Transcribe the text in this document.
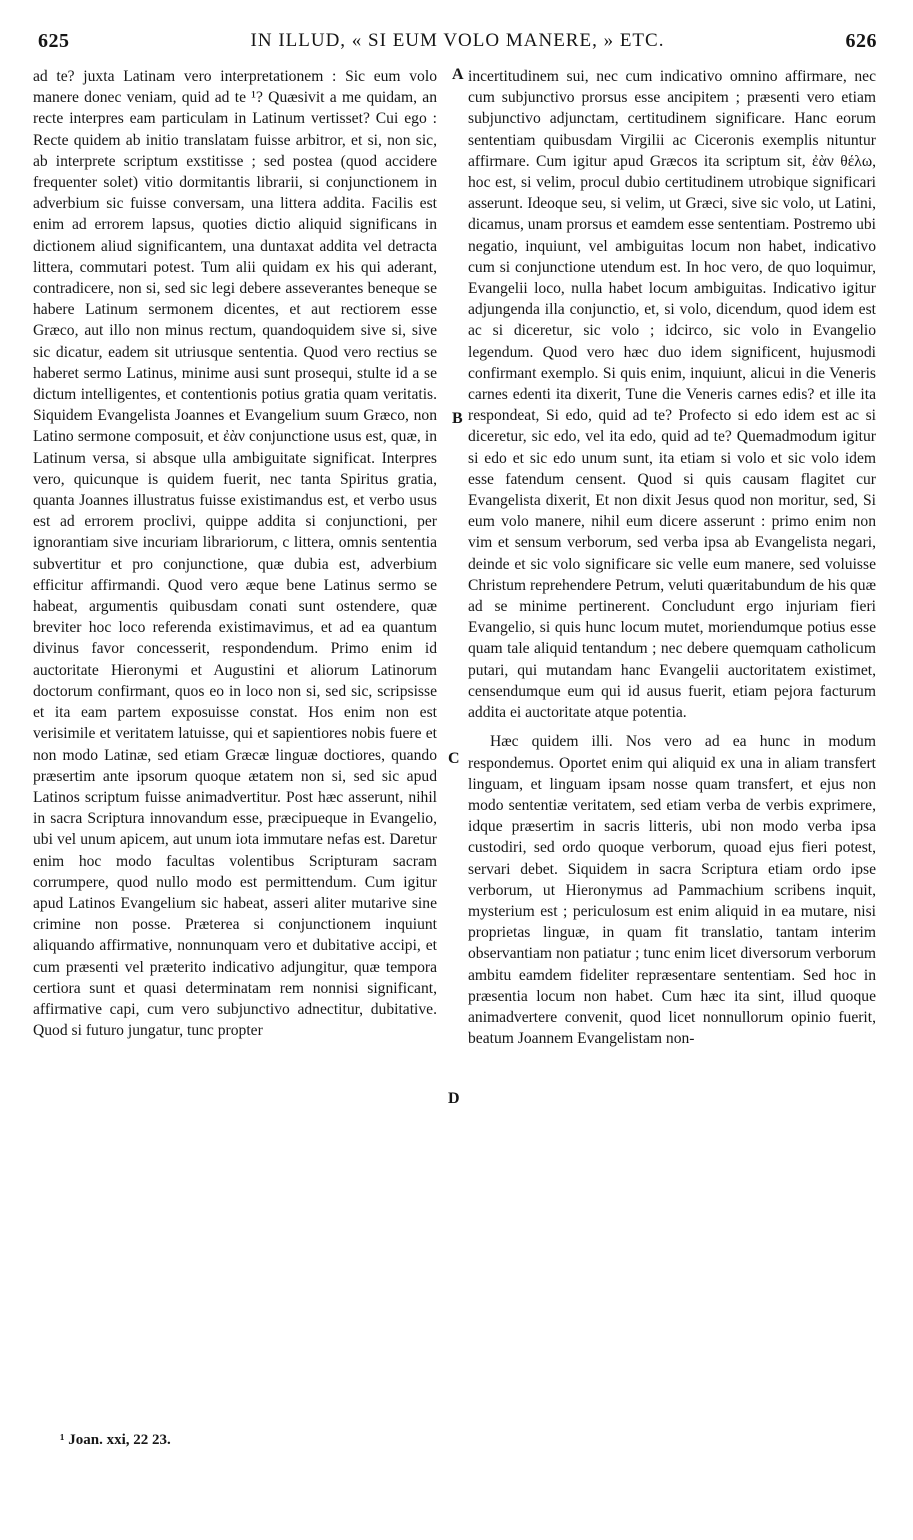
625	IN ILLUD, « SI EUM VOLO MANERE, » ETC.	626

ad te? juxta Latinam vero interpretationem : Sic eum volo manere donec veniam, quid ad te ¹? Quæsivit a me quidam, an recte interpres eam particulam in Latinum vertisset? Cui ego : Recte quidem ab initio translatam fuisse arbitror, et si, non sic, ab interprete scriptum exstitisse ; sed postea (quod accidere frequenter solet) vitio dormitantis librarii, si conjunctionem in adverbium sic fuisse conversam, una littera addita. Facilis est enim ad errorem lapsus, quoties dictio aliquid significans in dictionem aliud significantem, una duntaxat addita vel detracta littera, commutari potest. Tum alii quidam ex his qui aderant, contradicere, non si, sed sic legi debere asseverantes beneque se habere Latinum sermonem dicentes, et aut rectiorem esse Græco, aut illo non minus rectum, quandoquidem sive si, sive sic dicatur, eadem sit utriusque sententia. Quod vero rectius se haberet sermo Latinus, minime ausi sunt prosequi, stulte id a se dictum intelligentes, et contentionis potius gratia quam veritatis. Siquidem Evangelista Joannes et Evangelium suum Græco, non Latino sermone composuit, et ἐὰν conjunctione usus est, quæ, in Latinum versa, si absque ulla ambiguitate significat. Interpres vero, quicunque is quidem fuerit, nec tanta Spiritus gratia, quanta Joannes illustratus fuisse existimandus est, et verbo usus est ad errorem proclivi, quippe addita si conjunctioni, per ignorantiam sive incuriam librariorum, c littera, omnis sententia subvertitur et pro conjunctione, quæ dubia est, adverbium efficitur affirmandi. Quod vero æque bene Latinus sermo se habeat, argumentis quibusdam conati sunt ostendere, quæ breviter hoc loco referenda existimavimus, et ad ea quantum divinus favor concesserit, respondendum. Primo enim id auctoritate Hieronymi et Augustini et aliorum Latinorum doctorum confirmant, quos eo in loco non si, sed sic, scripsisse et ita eam partem exposuisse constat. Hos enim non est verisimile et veritatem latuisse, qui et sapientiores nobis fuere et non modo Latinæ, sed etiam Græcæ linguæ doctiores, quando præsertim ante ipsorum quoque ætatem non si, sed sic apud Latinos scriptum fuisse animadvertitur. Post hæc asserunt, nihil in sacra Scriptura innovandum esse, præcipueque in Evangelio, ubi vel unum apicem, aut unum iota immutare nefas est. Daretur enim hoc modo facultas volentibus Scripturam sacram corrumpere, quod nullo modo est permittendum. Cum igitur apud Latinos Evangelium sic habeat, asseri aliter mutarive sine crimine non posse. Præterea si conjunctionem inquiunt aliquando affirmative, nonnunquam vero et dubitative accipi, et cum præsenti vel præterito indicativo adjungitur, quæ tempora certiora sunt et quasi determinatam rem nonnisi significant, affirmative capi, cum vero subjunctivo adnectitur, dubitative. Quod si futuro jungatur, tunc propter

A
B
C
D

incertitudinem sui, nec cum indicativo omnino affirmare, nec cum subjunctivo prorsus esse ancipitem ; præsenti vero etiam subjunctivo adjunctam, certitudinem significare. Hanc eorum sententiam quibusdam Virgilii ac Ciceronis exemplis nituntur affirmare. Cum igitur apud Græcos ita scriptum sit, ἐὰν θέλω, hoc est, si velim, procul dubio certitudinem utrobique significari asserunt. Ideoque seu, si velim, ut Græci, sive sic volo, ut Latini, dicamus, unam prorsus et eamdem esse sententiam. Postremo ubi negatio, inquiunt, vel ambiguitas locum non habet, indicativo cum si conjunctione utendum est. In hoc vero, de quo loquimur, Evangelii loco, nulla habet locum ambiguitas. Indicativo igitur adjungenda illa conjunctio, et, si volo, dicendum, quod idem est ac si diceretur, sic volo ; idcirco, sic volo in Evangelio legendum. Quod vero hæc duo idem significent, hujusmodi confirmant exemplo. Si quis enim, inquiunt, alicui in die Veneris carnes edenti ita dixerit, Tune die Veneris carnes edis? et ille ita respondeat, Si edo, quid ad te? Profecto si edo idem est ac si diceretur, sic edo, vel ita edo, quid ad te? Quemadmodum igitur si edo et sic edo unum sunt, ita etiam si volo et sic volo idem esse fatendum censent. Quod si quis causam flagitet cur Evangelista dixerit, Et non dixit Jesus quod non moritur, sed, Si eum volo manere, nihil eum dicere asserunt : primo enim non vim et sensum verborum, sed verba ipsa ab Evangelista negari, deinde et sic volo significare sic velle eum manere, sed voluisse Christum reprehendere Petrum, veluti quæritabundum de his quæ ad se minime pertinerent. Concludunt ergo injuriam fieri Evangelio, si quis hunc locum mutet, moriendumque potius esse quam tale aliquid tentandum ; nec debere quemquam catholicum putari, qui mutandam hanc Evangelii auctoritatem existimet, censendumque eum qui id ausus fuerit, etiam pejora facturum addita ei auctoritate atque potentia.

Hæc quidem illi. Nos vero ad ea hunc in modum respondemus. Oportet enim qui aliquid ex una in aliam transfert linguam, et linguam ipsam nosse quam transfert, et ejus non modo sententiæ veritatem, sed etiam verba de verbis exprimere, idque præsertim in sacris litteris, ubi non modo verba ipsa custodiri, sed ordo quoque verborum, quoad ejus fieri potest, servari debet. Siquidem in sacra Scriptura etiam ordo ipse verborum, ut Hieronymus ad Pammachium scribens inquit, mysterium est ; periculosum est enim aliquid in ea mutare, nisi proprietas linguæ, in quam fit translatio, tantam interim observantiam non patiatur ; tunc enim licet diversorum verborum ambitu eamdem fideliter repræsentare sententiam. Sed hoc in præsentia locum non habet. Cum hæc ita sint, illud quoque animadvertere convenit, quod licet nonnullorum opinio fuerit, beatum Joannem Evangelistam non-

¹ Joan. xxi, 22 23.
